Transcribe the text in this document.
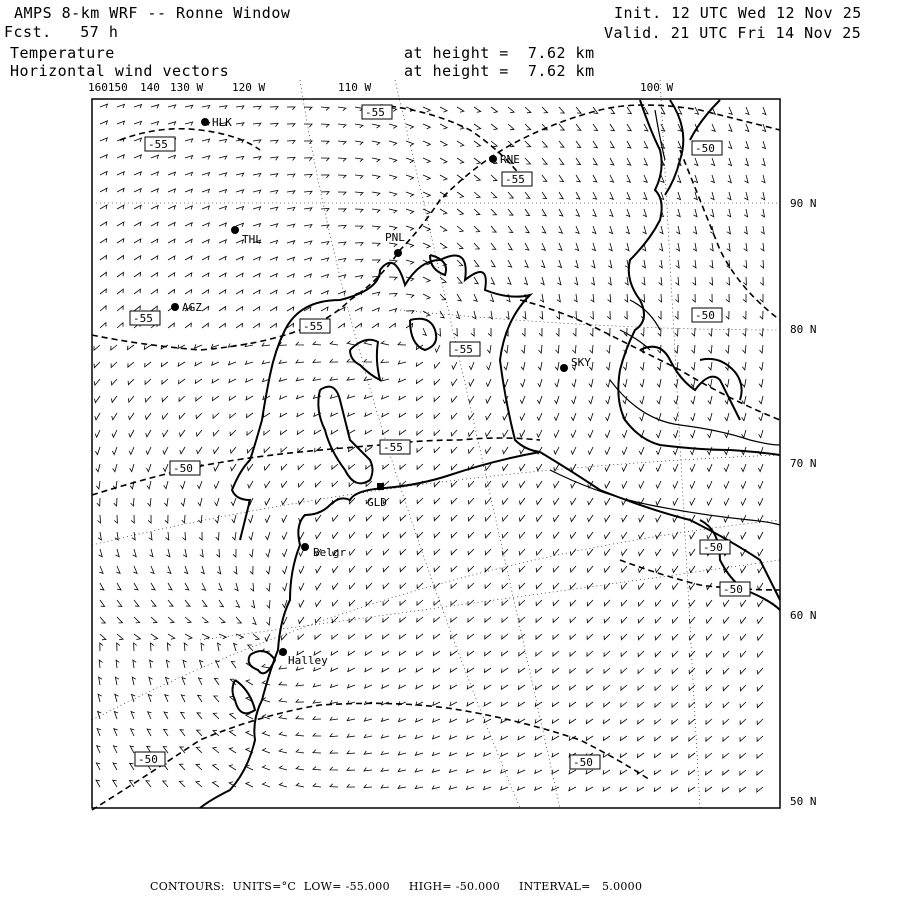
AMPS 8-km WRF -- Ronne Window
Fcst.   57 h
Temperature
Horizontal wind vectors
at height =  7.62 km
at height =  7.62 km
Init. 12 UTC Wed 12 Nov 25
Valid. 21 UTC Fri 14 Nov 25
160150 140 130 W	120 W	110 W	100 W
90 N
80 N
70 N
60 N
50 N
HLK
RNE
THL	PNL
AGZ
SKY
GLD
Belgr
Halley
-55
-55	-50
-55
-55
-55
-50
-55
-55
-50
-50
-50
-50	-50
CONTOURS:  UNITS=°C  LOW= -55.000     HIGH= -50.000     INTERVAL=   5.0000
